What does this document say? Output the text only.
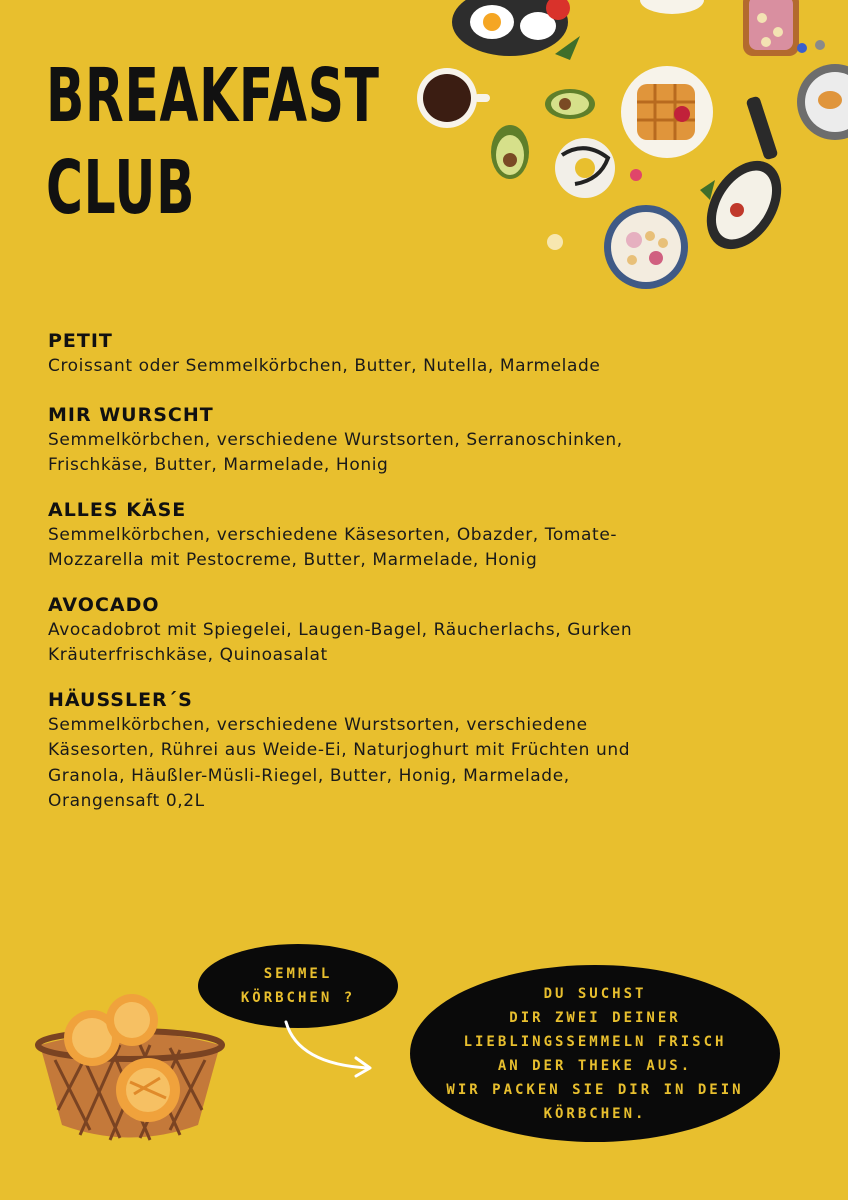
BREAKFAST
CLUB
PETIT

Croissant oder Semmelkörbchen, Butter, Nutella, Marmelade

MIR WURSCHT

Semmelkörbchen, verschiedene Wurstsorten, Serranoschinken,
Frischkäse, Butter, Marmelade, Honig

ALLES KÄSE

Semmelkörbchen, verschiedene Käsesorten, Obazder, Tomate-
Mozzarella mit Pestocreme, Butter, Marmelade, Honig

AVOCADO

Avocadobrot mit Spiegelei, Laugen-Bagel, Räucherlachs, Gurken
Kräuterfrischkäse, Quinoasalat

HÄUSSLER´S

Semmelkörbchen, verschiedene Wurstsorten, verschiedene
Käsesorten, Rührei aus Weide-Ei, Naturjoghurt mit Früchten und
Granola, Häußler-Müsli-Riegel, Butter, Honig, Marmelade,
Orangensaft 0,2L

SEMMEL
KÖRBCHEN ?	DU SUCHST
DIR ZWEI DEINER
LIEBLINGSSEMMELN FRISCH
AN DER THEKE AUS.
WIR PACKEN SIE DIR IN DEIN
KÖRBCHEN.
